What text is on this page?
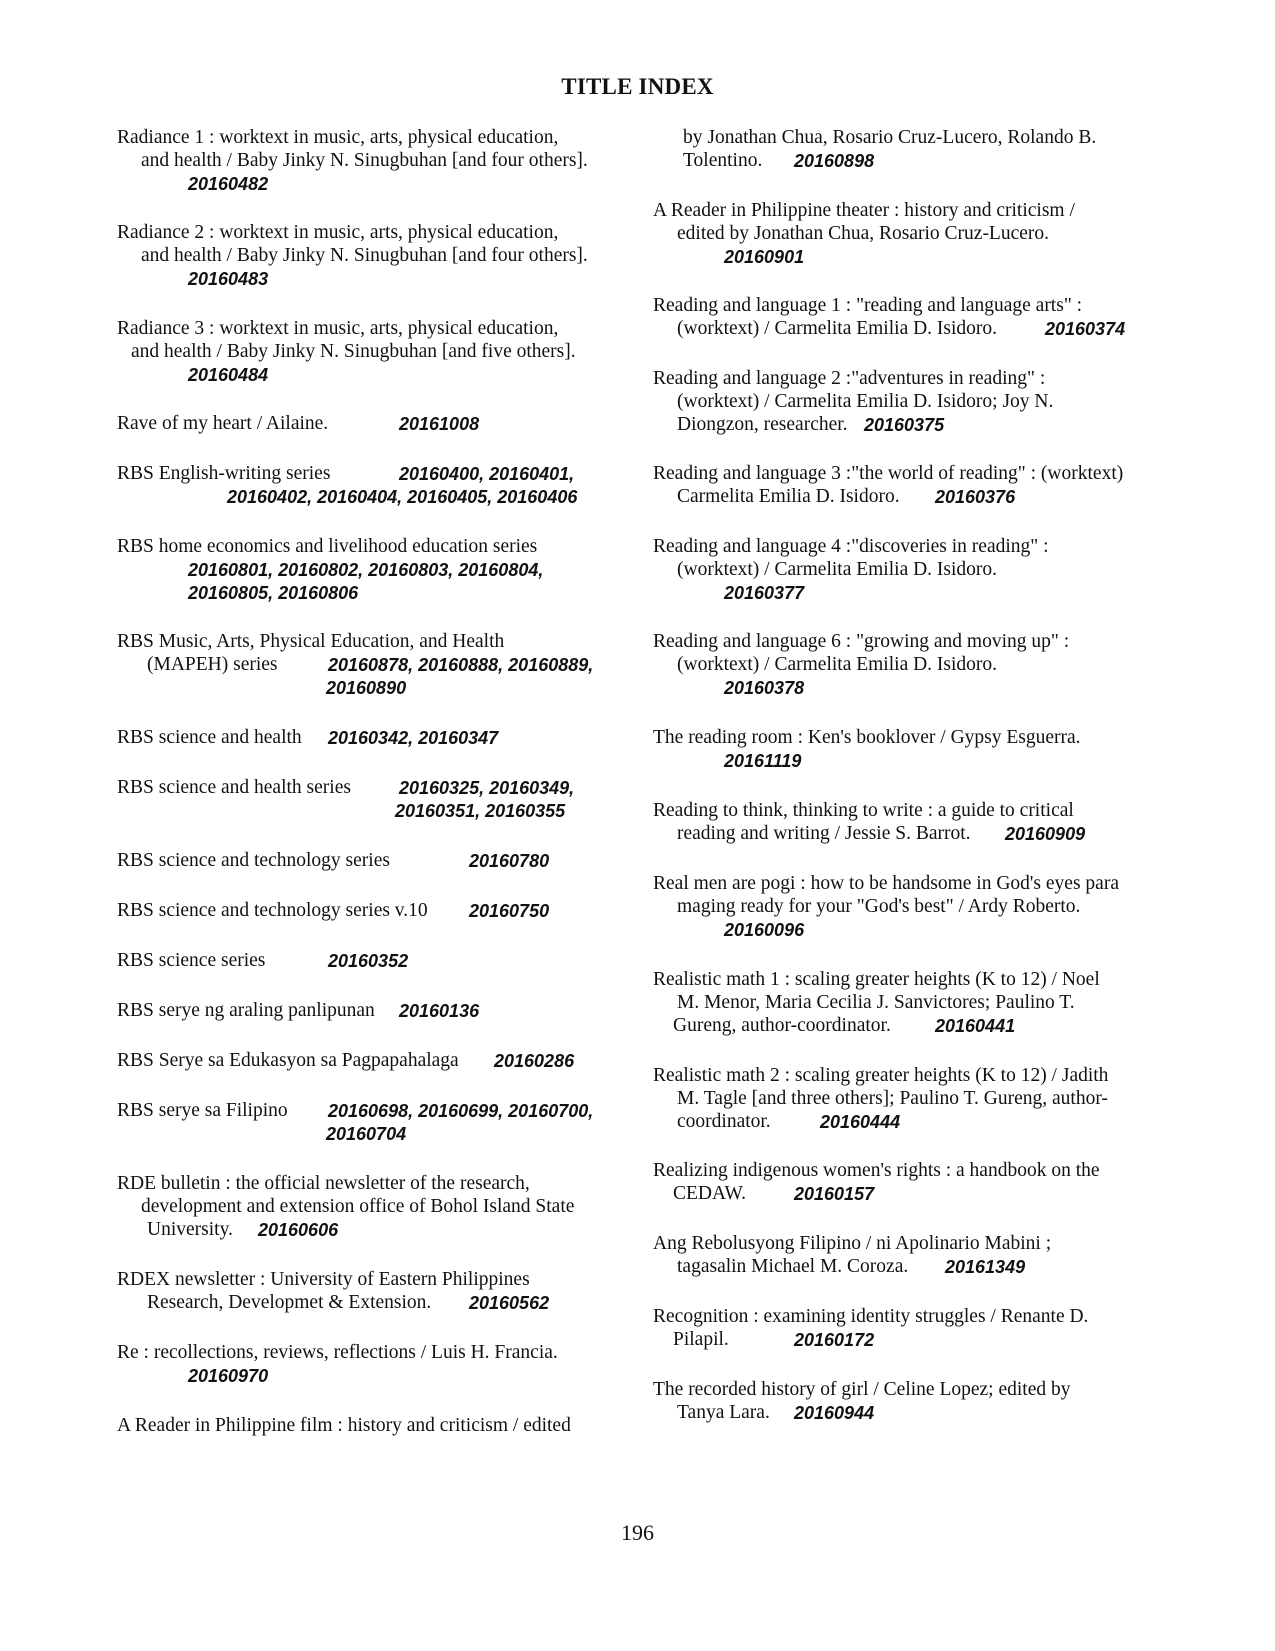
TITLE INDEX
Radiance 1 : worktext in music, arts, physical education,
and health / Baby Jinky N. Sinugbuhan [and four others].
20160482
Radiance 2 : worktext in music, arts, physical education,
and health / Baby Jinky N. Sinugbuhan [and four others].
20160483
Radiance 3 : worktext in music, arts, physical education,
and health / Baby Jinky N. Sinugbuhan [and five others].
20160484
Rave of my heart / Ailaine.	20161008
RBS English-writing series	20160400, 20160401,
20160402, 20160404, 20160405, 20160406
RBS home economics and livelihood education series
20160801, 20160802, 20160803, 20160804,
20160805, 20160806
RBS Music, Arts, Physical Education, and Health
(MAPEH) series	20160878, 20160888, 20160889,
20160890
RBS science and health 20160342, 20160347
RBS science and health series	20160325, 20160349,
20160351, 20160355
RBS science and technology series	20160780
RBS science and technology series v.10 20160750
RBS science series	20160352
RBS serye ng araling panlipunan 20160136
RBS Serye sa Edukasyon sa Pagpapahalaga 20160286
RBS serye sa Filipino 20160698, 20160699, 20160700,
20160704
RDE bulletin : the official newsletter of the research,
development and extension office of Bohol Island State
University. 20160606
RDEX newsletter : University of Eastern Philippines
Research, Developmet & Extension. 20160562
Re : recollections, reviews, reflections / Luis H. Francia.
20160970
A Reader in Philippine film : history and criticism / edited
by Jonathan Chua, Rosario Cruz-Lucero, Rolando B.
Tolentino. 20160898
A Reader in Philippine theater : history and criticism /
edited by Jonathan Chua, Rosario Cruz-Lucero.
20160901
Reading and language 1 : "reading and language arts" :
(worktext) / Carmelita Emilia D. Isidoro.	20160374
Reading and language 2 :"adventures in reading" :
(worktext) / Carmelita Emilia D. Isidoro; Joy N.
Diongzon, researcher. 20160375
Reading and language 3 :"the world of reading" : (worktext)
Carmelita Emilia D. Isidoro. 20160376
Reading and language 4 :"discoveries in reading" :
(worktext) / Carmelita Emilia D. Isidoro.
20160377
Reading and language 6 : "growing and moving up" :
(worktext) / Carmelita Emilia D. Isidoro.
20160378
The reading room : Ken's booklover / Gypsy Esguerra.
20161119
Reading to think, thinking to write : a guide to critical
reading and writing / Jessie S. Barrot. 20160909
Real men are pogi : how to be handsome in God's eyes para
maging ready for your "God's best" / Ardy Roberto.
20160096
Realistic math 1 : scaling greater heights (K to 12) / Noel
M. Menor, Maria Cecilia J. Sanvictores; Paulino T.
Gureng, author-coordinator. 20160441
Realistic math 2 : scaling greater heights (K to 12) / Jadith
M. Tagle [and three others]; Paulino T. Gureng, author-
coordinator.	20160444
Realizing indigenous women's rights : a handbook on the
CEDAW.	20160157
Ang Rebolusyong Filipino / ni Apolinario Mabini ;
tagasalin Michael M. Coroza. 20161349
Recognition : examining identity struggles / Renante D.
Pilapil.	20160172
The recorded history of girl / Celine Lopez; edited by
Tanya Lara. 20160944
196
